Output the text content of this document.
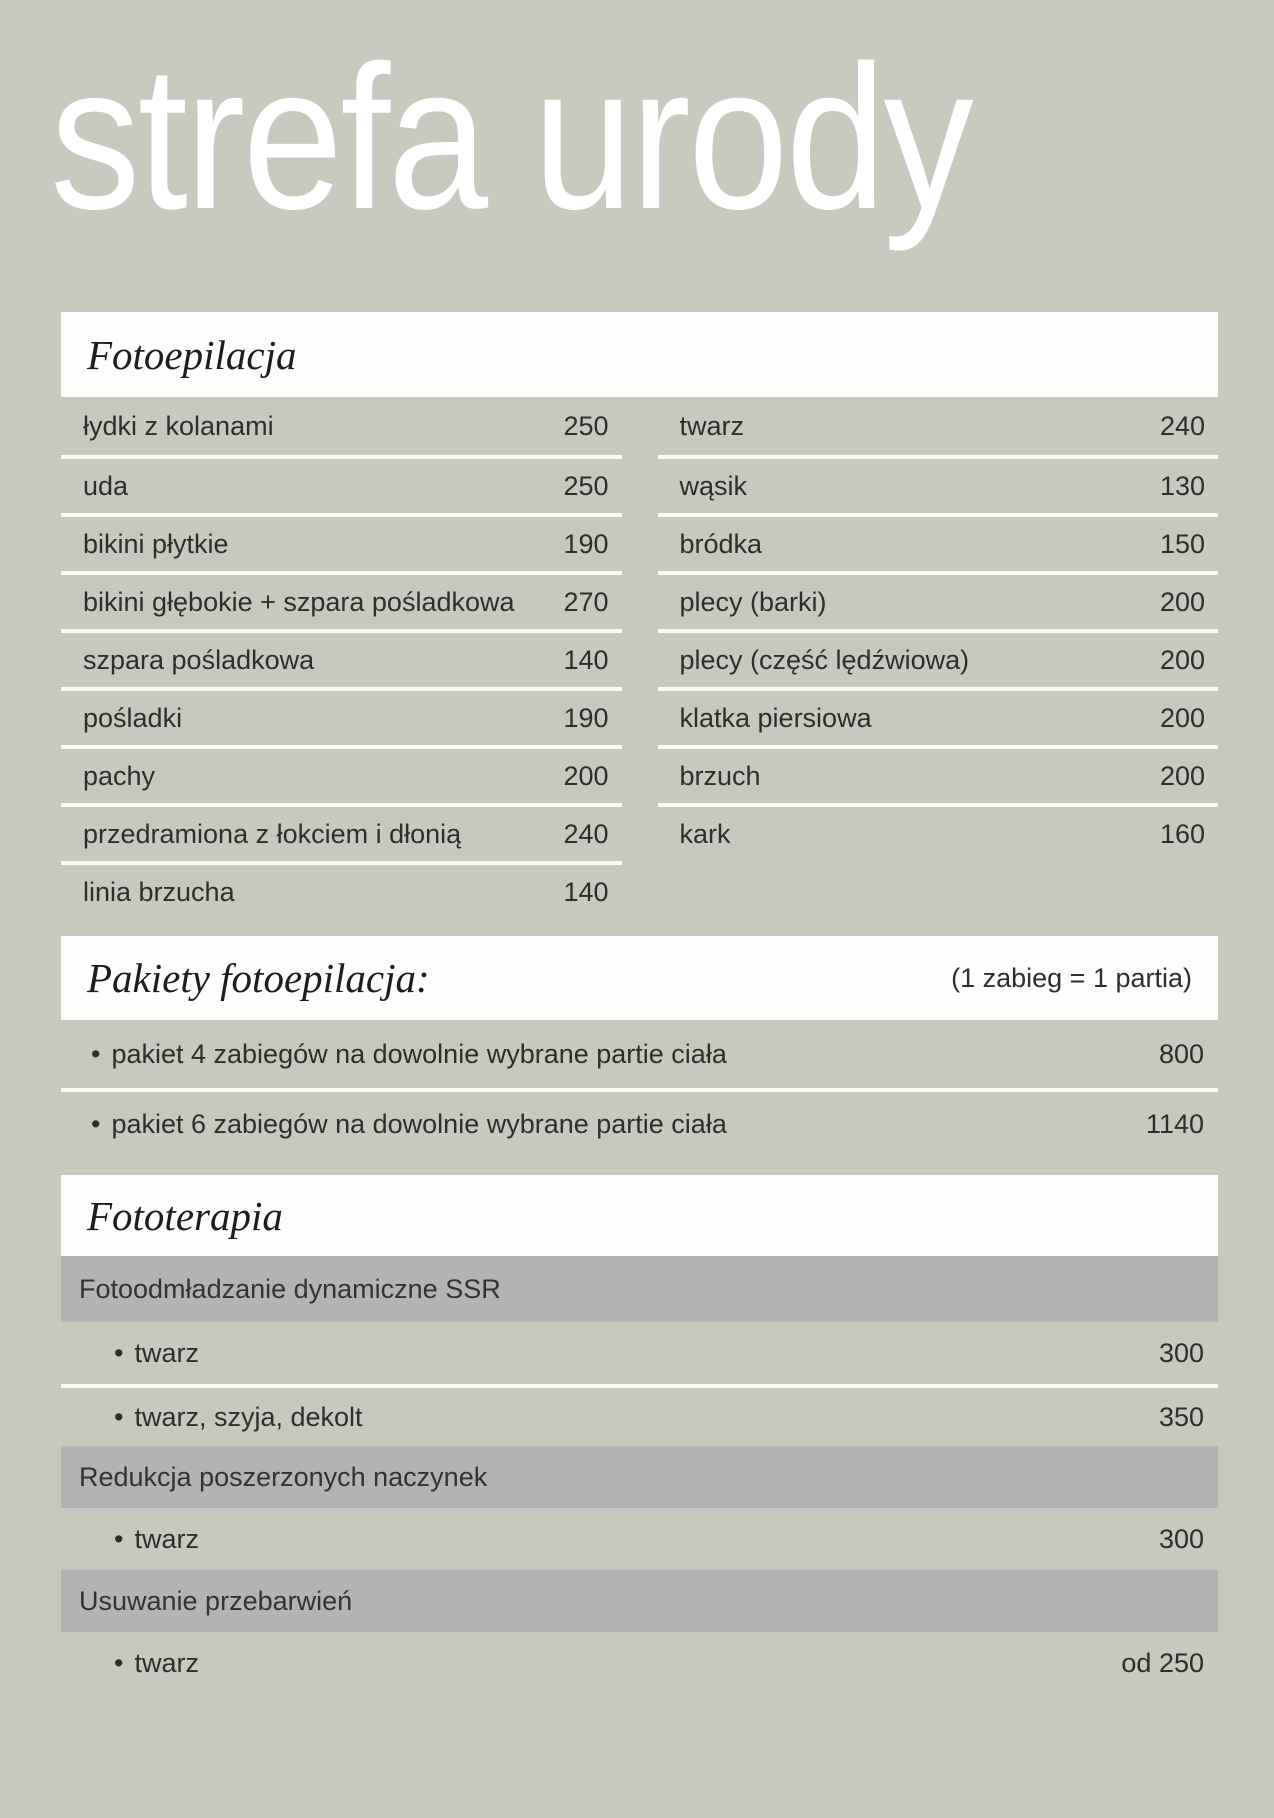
strefa urody
Fotoepilacja
łydki z kolanami	250
uda	250
bikini płytkie	190
bikini głębokie + szpara pośladkowa 270
szpara pośladkowa	140
pośladki	190
pachy	200
przedramiona z łokciem i dłonią	240
linia brzucha	140
twarz	240
wąsik	130
bródka	150
plecy (barki)	200
plecy (część lędźwiowa)	200
klatka piersiowa	200
brzuch	200
kark	160
Pakiety fotoepilacja:	(1 zabieg = 1 partia)
• pakiet 4 zabiegów na dowolnie wybrane partie ciała	800
• pakiet 6 zabiegów na dowolnie wybrane partie ciała	1140
Fototerapia
Fotoodmładzanie dynamiczne SSR
• twarz	300
• twarz, szyja, dekolt	350
Redukcja poszerzonych naczynek
• twarz	300
Usuwanie przebarwień
• twarz	od 250
